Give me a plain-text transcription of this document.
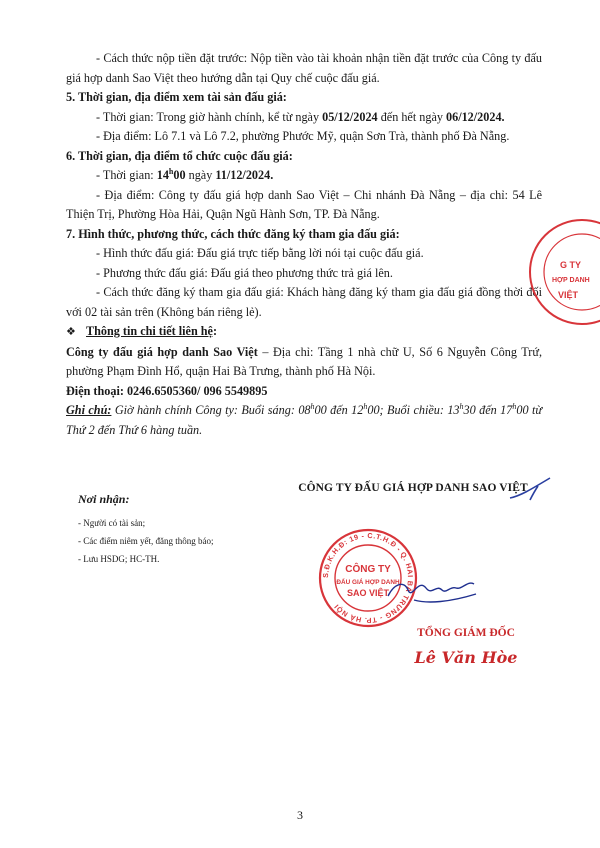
- Cách thức nộp tiền đặt trước: Nộp tiền vào tài khoản nhận tiền đặt trước của Công ty đấu giá hợp danh Sao Việt theo hướng dẫn tại Quy chế cuộc đấu giá.

5. Thời gian, địa điểm xem tài sản đấu giá:

- Thời gian: Trong giờ hành chính, kể từ ngày 05/12/2024 đến hết ngày 06/12/2024.

- Địa điểm: Lô 7.1 và Lô 7.2, phường Phước Mỹ, quận Sơn Trà, thành phố Đà Nẵng.

6. Thời gian, địa điểm tổ chức cuộc đấu giá:

- Thời gian: 14$^h$00 ngày 11/12/2024.

- Địa điểm: Công ty đấu giá hợp danh Sao Việt – Chi nhánh Đà Nẵng – địa chỉ: 54 Lê Thiện Trị, Phường Hòa Hải, Quận Ngũ Hành Sơn, TP. Đà Nẵng.

7. Hình thức, phương thức, cách thức đăng ký tham gia đấu giá:

- Hình thức đấu giá: Đấu giá trực tiếp bằng lời nói tại cuộc đấu giá.

- Phương thức đấu giá: Đấu giá theo phương thức trả giá lên.

- Cách thức đăng ký tham gia đấu giá: Khách hàng đăng ký tham gia đấu giá đồng thời đối với 02 tài sản trên (Không bán riêng lẻ).

❖ Thông tin chi tiết liên hệ:

Công ty đấu giá hợp danh Sao Việt – Địa chỉ: Tầng 1 nhà chữ U, Số 6 Nguyễn Công Trứ, phường Phạm Đình Hổ, quận Hai Bà Trưng, thành phố Hà Nội.

Điện thoại: 0246.6505360/ 096 5549895

Ghi chú: Giờ hành chính Công ty: Buổi sáng: 08$^h$00 đến 12$^h$00; Buổi chiều: 13$^h$30 đến 17$^h$00 từ Thứ 2 đến Thứ 6 hàng tuần.

Nơi nhận:
- Người có tài sản;
- Các điểm niêm yết, đăng thông báo;
- Lưu HSDG; HC-TH.
CÔNG TY ĐẤU GIÁ HỢP DANH SAO VIỆT
S.Đ.K.H.Đ: 19 - C.T.H.Đ - Q. HAI BÀ TRƯNG - TP. HÀ NỘI
CÔNG TY
ĐẤU GIÁ HỢP DANH
SAO VIỆT
G TY
HỢP DANH
VIỆT
TỔNG GIÁM ĐỐC
Lê Văn Hòe
3
